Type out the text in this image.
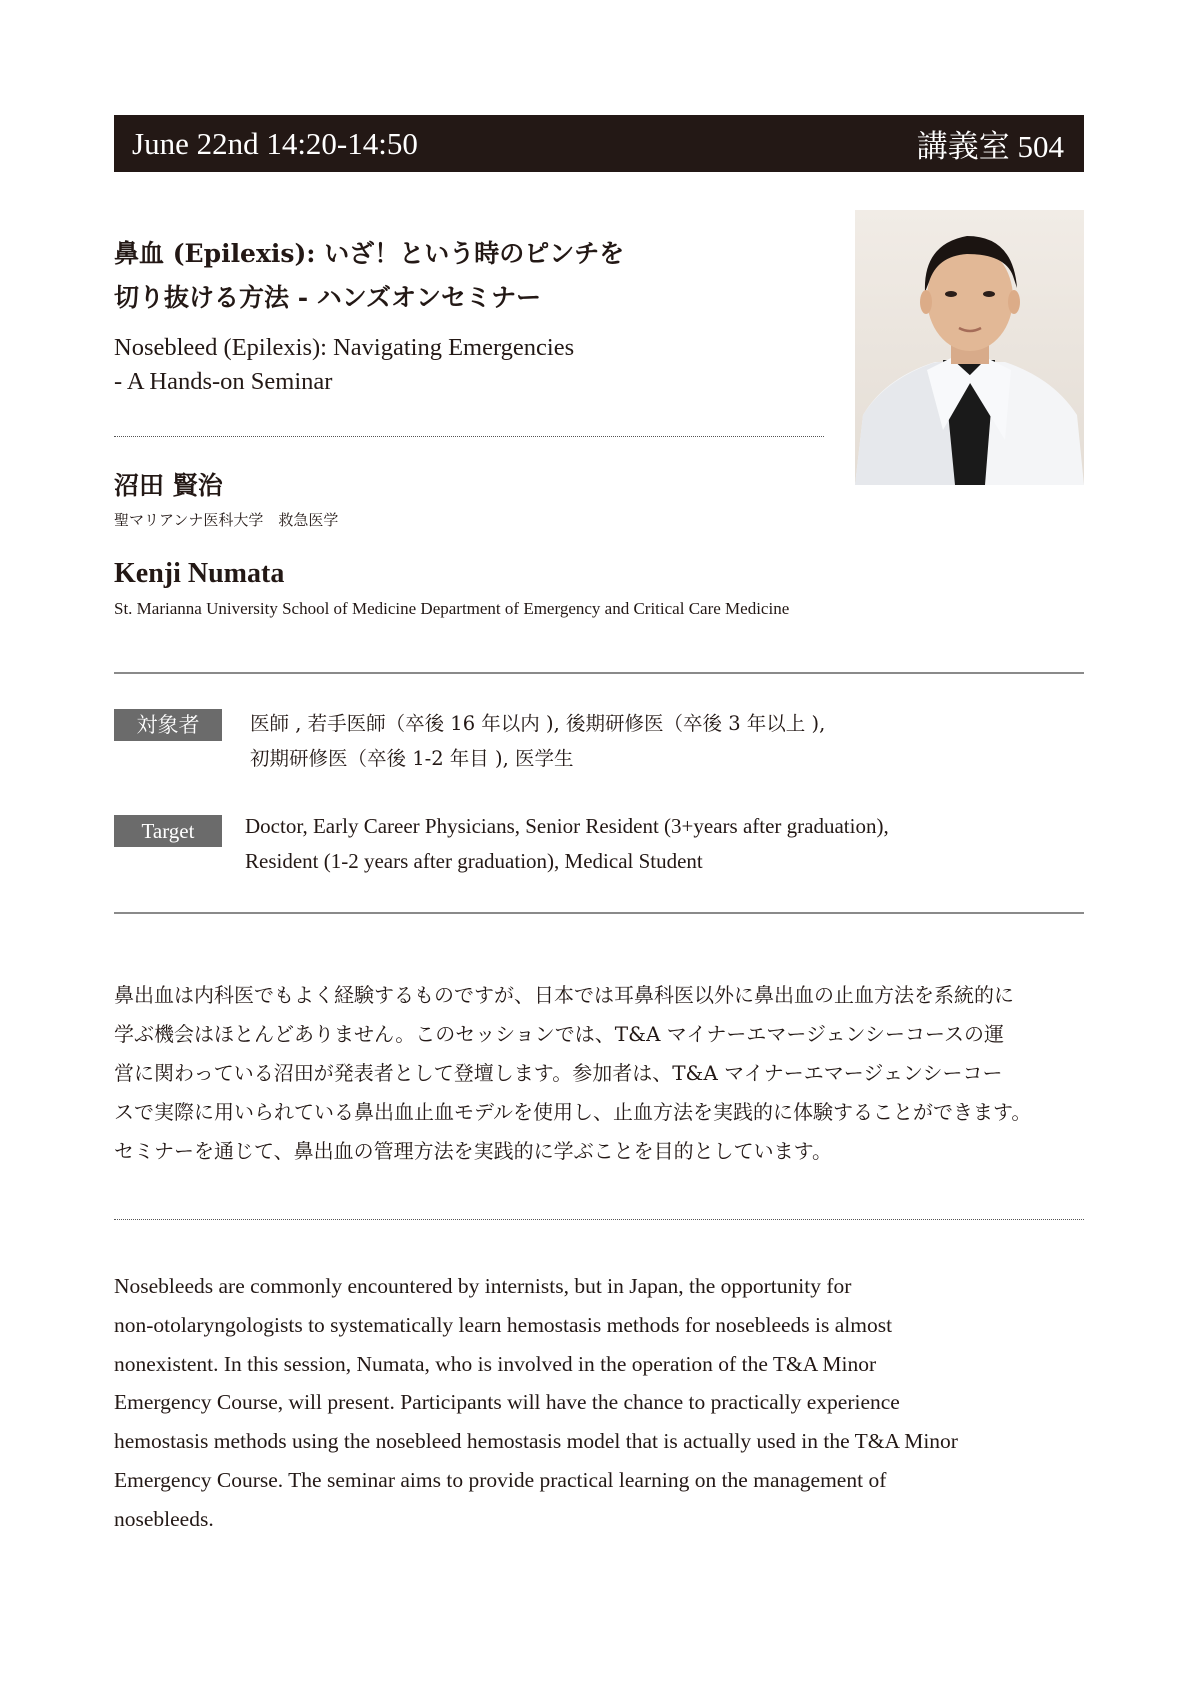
June 22nd 14:20-14:50	講義室 504
鼻血 (Epilexis): いざ！という時のピンチを
切り抜ける方法 - ハンズオンセミナー
Nosebleed (Epilexis): Navigating Emergencies
- A Hands-on Seminar
沼田 賢治
聖マリアンナ医科大学　救急医学
Kenji Numata
St. Marianna University School of Medicine Department of Emergency and Critical Care Medicine
対象者	医師 , 若手医師（卒後 16 年以内 ), 後期研修医（卒後 3 年以上 ),
初期研修医（卒後 1-2 年目 ), 医学生
Target	Doctor, Early Career Physicians, Senior Resident (3+years after graduation),
Resident (1-2 years after graduation), Medical Student
鼻出血は内科医でもよく経験するものですが、日本では耳鼻科医以外に鼻出血の止血方法を系統的に
学ぶ機会はほとんどありません。このセッションでは、T&A マイナーエマージェンシーコースの運
営に関わっている沼田が発表者として登壇します。参加者は、T&A マイナーエマージェンシーコー
スで実際に用いられている鼻出血止血モデルを使用し、止血方法を実践的に体験することができます。
セミナーを通じて、鼻出血の管理方法を実践的に学ぶことを目的としています。
Nosebleeds are commonly encountered by internists, but in Japan, the opportunity for
non-otolaryngologists to systematically learn hemostasis methods for nosebleeds is almost
nonexistent. In this session, Numata, who is involved in the operation of the T&A Minor
Emergency Course, will present. Participants will have the chance to practically experience
hemostasis methods using the nosebleed hemostasis model that is actually used in the T&A Minor
Emergency Course. The seminar aims to provide practical learning on the management of
nosebleeds.
